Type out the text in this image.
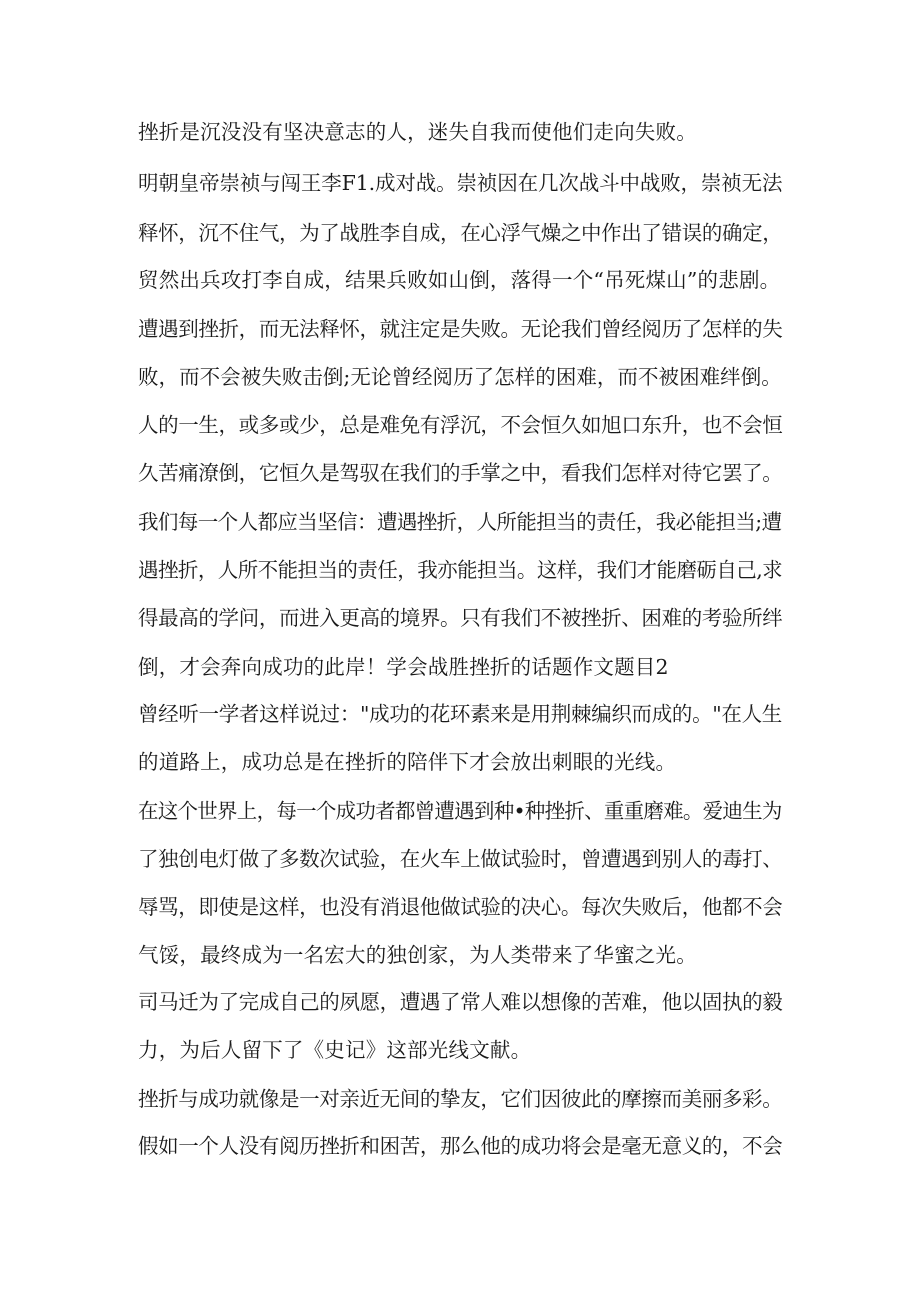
挫折是沉没没有坚决意志的人，迷失自我而使他们走向失败。
明朝皇帝崇祯与闯王李F1.成对战。崇祯因在几次战斗中战败，崇祯无法
释怀，沉不住气，为了战胜李自成，在心浮气燥之中作出了错误的确定，
贸然出兵攻打李自成，结果兵败如山倒，落得一个“吊死煤山”的悲剧。
遭遇到挫折，而无法释怀，就注定是失败。无论我们曾经阅历了怎样的失
败，而不会被失败击倒;无论曾经阅历了怎样的困难，而不被困难绊倒。
人的一生，或多或少，总是难免有浮沉，不会恒久如旭口东升，也不会恒
久苦痛潦倒，它恒久是驾驭在我们的手掌之中，看我们怎样对待它罢了。
我们每一个人都应当坚信：遭遇挫折，人所能担当的责任，我必能担当;遭
遇挫折，人所不能担当的责任，我亦能担当。这样，我们才能磨砺自己,求
得最高的学问，而进入更高的境界。只有我们不被挫折、困难的考验所绊
倒，才会奔向成功的此岸！学会战胜挫折的话题作文题目2
曾经听一学者这样说过："成功的花环素来是用荆棘编织而成的。"在人生
的道路上，成功总是在挫折的陪伴下才会放出刺眼的光线。
在这个世界上，每一个成功者都曾遭遇到种•种挫折、重重磨难。爱迪生为
了独创电灯做了多数次试验，在火车上做试验时，曾遭遇到别人的毒打、
辱骂，即使是这样，也没有消退他做试验的决心。每次失败后，他都不会
气馁，最终成为一名宏大的独创家，为人类带来了华蜜之光。
司马迁为了完成自己的夙愿，遭遇了常人难以想像的苦难，他以固执的毅
力，为后人留下了《史记》这部光线文献。
挫折与成功就像是一对亲近无间的挚友，它们因彼此的摩擦而美丽多彩。
假如一个人没有阅历挫折和困苦，那么他的成功将会是毫无意义的，不会
